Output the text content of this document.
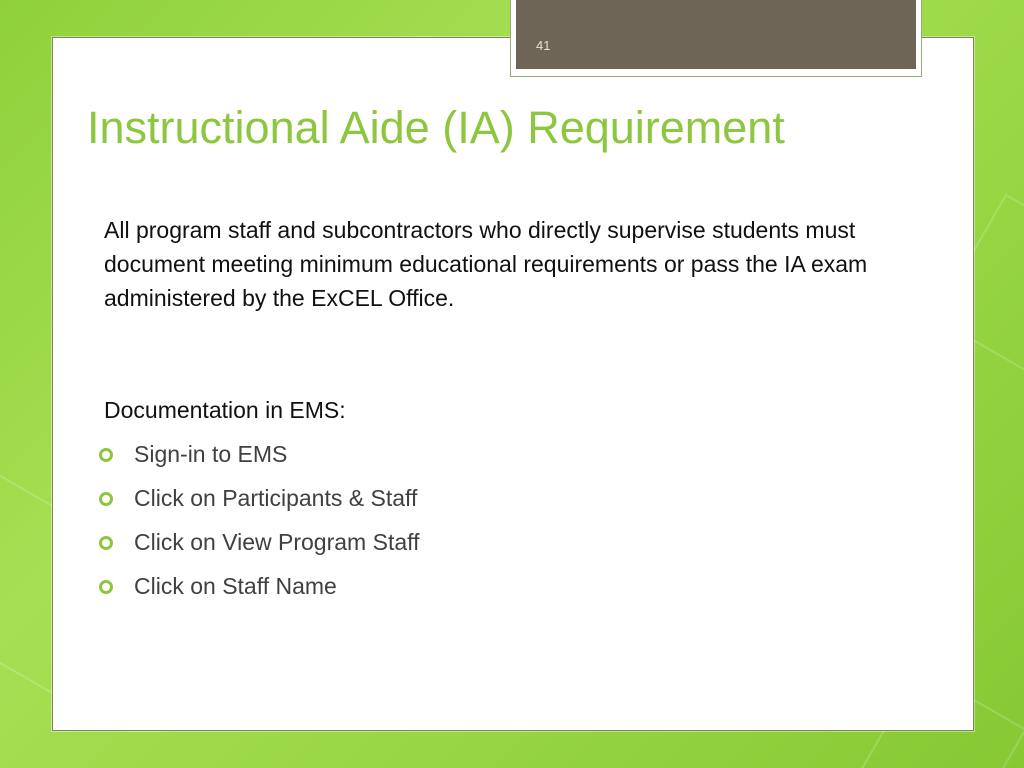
41
Instructional Aide (IA) Requirement

All program staff and subcontractors who directly supervise students must document meeting minimum educational requirements or pass the IA exam administered by the ExCEL Office.

Documentation in EMS:

Sign-in to EMS
Click on Participants & Staff
Click on View Program Staff
Click on Staff Name
